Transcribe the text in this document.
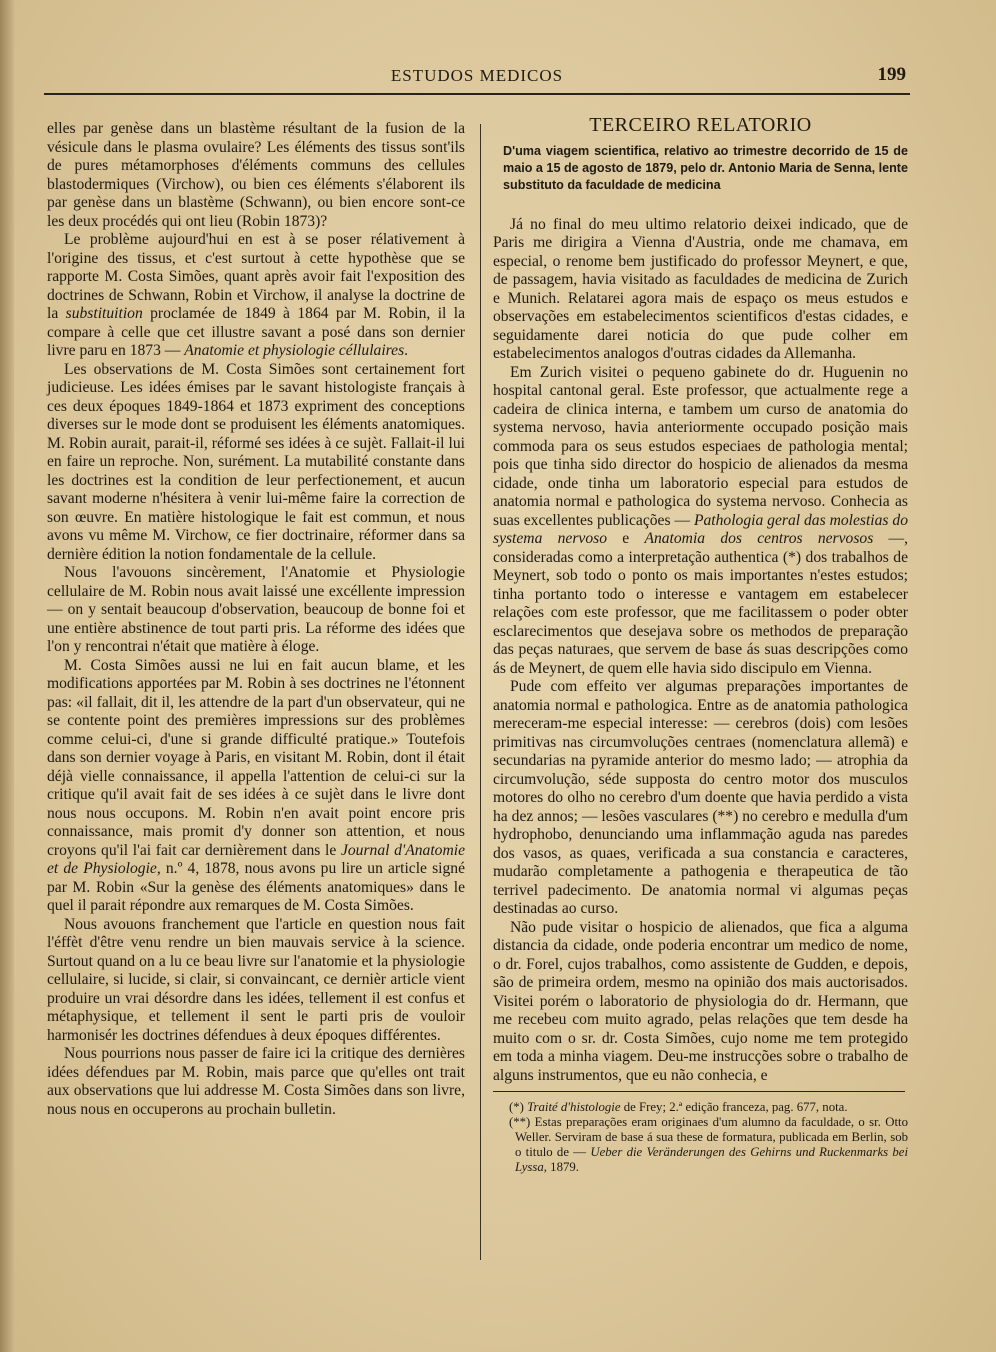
ESTUDOS MEDICOS	199

elles par genèse dans un blastème résultant de la fusion de la vésicule dans le plasma ovulaire? Les éléments des tissus sont'ils de pures métamorphoses d'éléments communs des cellules blastodermiques (Virchow), ou bien ces éléments s'élaborent ils par genèse dans un blastème (Schwann), ou bien encore sont-ce les deux procédés qui ont lieu (Robin 1873)?

Le problème aujourd'hui en est à se poser rélativement à l'origine des tissus, et c'est surtout à cette hypothèse que se rapporte M. Costa Simões, quant après avoir fait l'exposition des doctrines de Schwann, Robin et Virchow, il analyse la doctrine de la substituition proclamée de 1849 à 1864 par M. Robin, il la compare à celle que cet illustre savant a posé dans son dernier livre paru en 1873 — Anatomie et physiologie céllulaires.

Les observations de M. Costa Simões sont certainement fort judicieuse. Les idées émises par le savant histologiste français à ces deux époques 1849-1864 et 1873 expriment des conceptions diverses sur le mode dont se produisent les éléments anatomiques. M. Robin aurait, parait-il, réformé ses idées à ce sujèt. Fallait-il lui en faire un reproche. Non, surément. La mutabilité constante dans les doctrines est la condition de leur perfectionement, et aucun savant moderne n'hésitera à venir lui-même faire la correction de son œuvre. En matière histologique le fait est commun, et nous avons vu même M. Virchow, ce fier doctrinaire, réformer dans sa dernière édition la notion fondamentale de la cellule.

Nous l'avouons sincèrement, l'Anatomie et Physiologie cellulaire de M. Robin nous avait laissé une excéllente impression — on y sentait beaucoup d'observation, beaucoup de bonne foi et une entière abstinence de tout parti pris. La réforme des idées que l'on y rencontrai n'était que matière à éloge.

M. Costa Simões aussi ne lui en fait aucun blame, et les modifications apportées par M. Robin à ses doctrines ne l'étonnent pas: «il fallait, dit il, les attendre de la part d'un observateur, qui ne se contente point des premières impressions sur des problèmes comme celui-ci, d'une si grande difficulté pratique.» Toutefois dans son dernier voyage à Paris, en visitant M. Robin, dont il était déjà vielle connaissance, il appella l'attention de celui-ci sur la critique qu'il avait fait de ses idées à ce sujèt dans le livre dont nous nous occupons. M. Robin n'en avait point encore pris connaissance, mais promit d'y donner son attention, et nous croyons qu'il l'ai fait car dernièrement dans le Journal d'Anatomie et de Physiologie, n.º 4, 1878, nous avons pu lire un article signé par M. Robin «Sur la genèse des éléments anatomiques» dans le quel il parait répondre aux remarques de M. Costa Simões.

Nous avouons franchement que l'article en question nous fait l'éffèt d'être venu rendre un bien mauvais service à la science. Surtout quand on a lu ce beau livre sur l'anatomie et la physiologie cellulaire, si lucide, si clair, si convaincant, ce dernièr article vient produire un vrai désordre dans les idées, tellement il est confus et métaphysique, et tellement il sent le parti pris de vouloir harmonisér les doctrines défendues à deux époques différentes.

Nous pourrions nous passer de faire ici la critique des dernières idées défendues par M. Robin, mais parce que qu'elles ont trait aux observations que lui addresse M. Costa Simões dans son livre, nous nous en occuperons au prochain bulletin.

TERCEIRO RELATORIO
D'uma viagem scientifica, relativo ao trimestre decorrido de 15 de maio a 15 de agosto de 1879, pelo dr. Antonio Maria de Senna, lente substituto da faculdade de medicina

Já no final do meu ultimo relatorio deixei indicado, que de Paris me dirigira a Vienna d'Austria, onde me chamava, em especial, o renome bem justificado do professor Meynert, e que, de passagem, havia visitado as faculdades de medicina de Zurich e Munich. Relatarei agora mais de espaço os meus estudos e observações em estabelecimentos scientificos d'estas cidades, e seguidamente darei noticia do que pude colher em estabelecimentos analogos d'outras cidades da Allemanha.

Em Zurich visitei o pequeno gabinete do dr. Huguenin no hospital cantonal geral. Este professor, que actualmente rege a cadeira de clinica interna, e tambem um curso de anatomia do systema nervoso, havia anteriormente occupado posição mais commoda para os seus estudos especiaes de pathologia mental; pois que tinha sido director do hospicio de alienados da mesma cidade, onde tinha um laboratorio especial para estudos de anatomia normal e pathologica do systema nervoso. Conhecia as suas excellentes publicações — Pathologia geral das molestias do systema nervoso e Anatomia dos centros nervosos —, consideradas como a interpretação authentica (*) dos trabalhos de Meynert, sob todo o ponto os mais importantes n'estes estudos; tinha portanto todo o interesse e vantagem em estabelecer relações com este professor, que me facilitassem o poder obter esclarecimentos que desejava sobre os methodos de preparação das peças naturaes, que servem de base ás suas descripções como ás de Meynert, de quem elle havia sido discipulo em Vienna.

Pude com effeito ver algumas preparações importantes de anatomia normal e pathologica. Entre as de anatomia pathologica mereceram-me especial interesse: — cerebros (dois) com lesões primitivas nas circumvoluções centraes (nomenclatura allemã) e secundarias na pyramide anterior do mesmo lado; — atrophia da circumvolução, séde supposta do centro motor dos musculos motores do olho no cerebro d'um doente que havia perdido a vista ha dez annos; — lesões vasculares (**) no cerebro e medulla d'um hydrophobo, denunciando uma inflammação aguda nas paredes dos vasos, as quaes, verificada a sua constancia e caracteres, mudarão completamente a pathogenia e therapeutica de tão terrivel padecimento. De anatomia normal vi algumas peças destinadas ao curso.

Não pude visitar o hospicio de alienados, que fica a alguma distancia da cidade, onde poderia encontrar um medico de nome, o dr. Forel, cujos trabalhos, como assistente de Gudden, e depois, são de primeira ordem, mesmo na opinião dos mais auctorisados. Visitei porém o laboratorio de physiologia do dr. Hermann, que me recebeu com muito agrado, pelas relações que tem desde ha muito com o sr. dr. Costa Simões, cujo nome me tem protegido em toda a minha viagem. Deu-me instrucções sobre o trabalho de alguns instrumentos, que eu não conhecia, e

(*) Traité d'histologie de Frey; 2.ª edição franceza, pag. 677, nota.

(**) Estas preparações eram originaes d'um alumno da faculdade, o sr. Otto Weller. Serviram de base á sua these de formatura, publicada em Berlin, sob o titulo de — Ueber die Veränderungen des Gehirns und Ruckenmarks bei Lyssa, 1879.
